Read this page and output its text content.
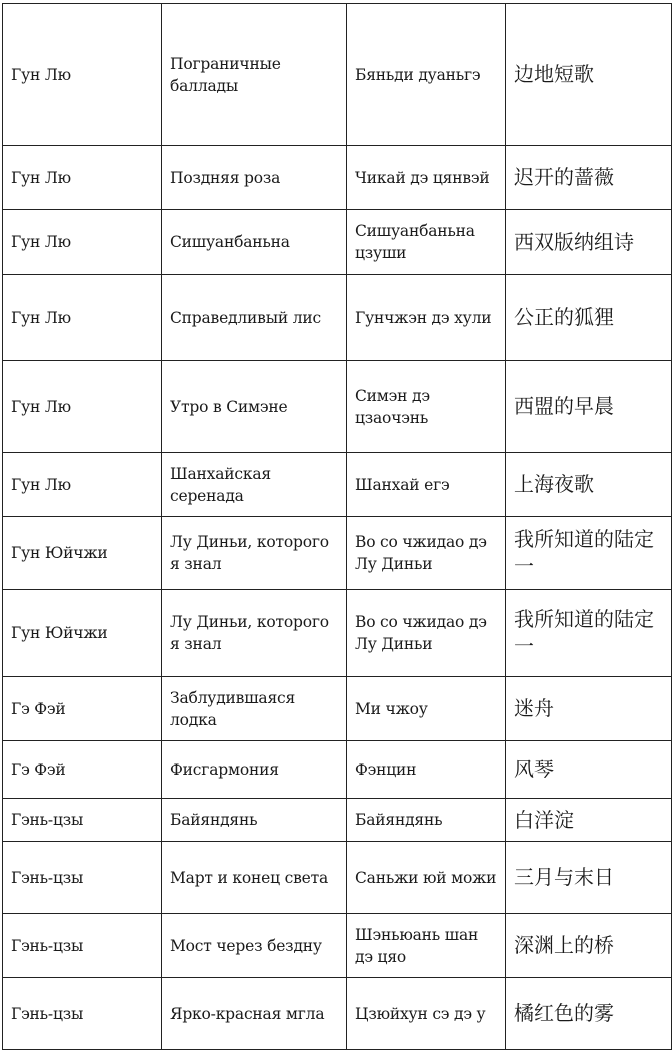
Гун Лю	Пограничные баллады	Бяньди дуаньгэ	边地短歌
Гун Лю	Поздняя роза	Чикай дэ цянвэй	迟开的蔷薇
Гун Лю	Сишуанбаньна	Сишуанбаньна цзуши	西双版纳组诗
Гун Лю	Справедливый лис	Гунчжэн дэ хули	公正的狐狸
Гун Лю	Утро в Симэне	Симэн дэ цзаочэнь	西盟的早晨
Гун Лю	Шанхайская серенада	Шанхай егэ	上海夜歌
Гун Юйчжи	Лу Диньи, которого я знал	Во со чжидао дэ Лу Диньи	我所知道的陆定一
Гун Юйчжи	Лу Диньи, которого я знал	Во со чжидао дэ Лу Диньи	我所知道的陆定一
Гэ Фэй	Заблудившаяся лодка	Ми чжоу	迷舟
Гэ Фэй	Фисгармония	Фэнцин	风琴
Гэнь-цзы	Байяндянь	Байяндянь	白洋淀
Гэнь-цзы	Март и конец света	Саньжи юй можи	三月与末日
Гэнь-цзы	Мост через бездну	Шэньюань шан дэ цяо	深渊上的桥
Гэнь-цзы	Ярко-красная мгла	Цзюйхун сэ дэ у	橘红色的雾
